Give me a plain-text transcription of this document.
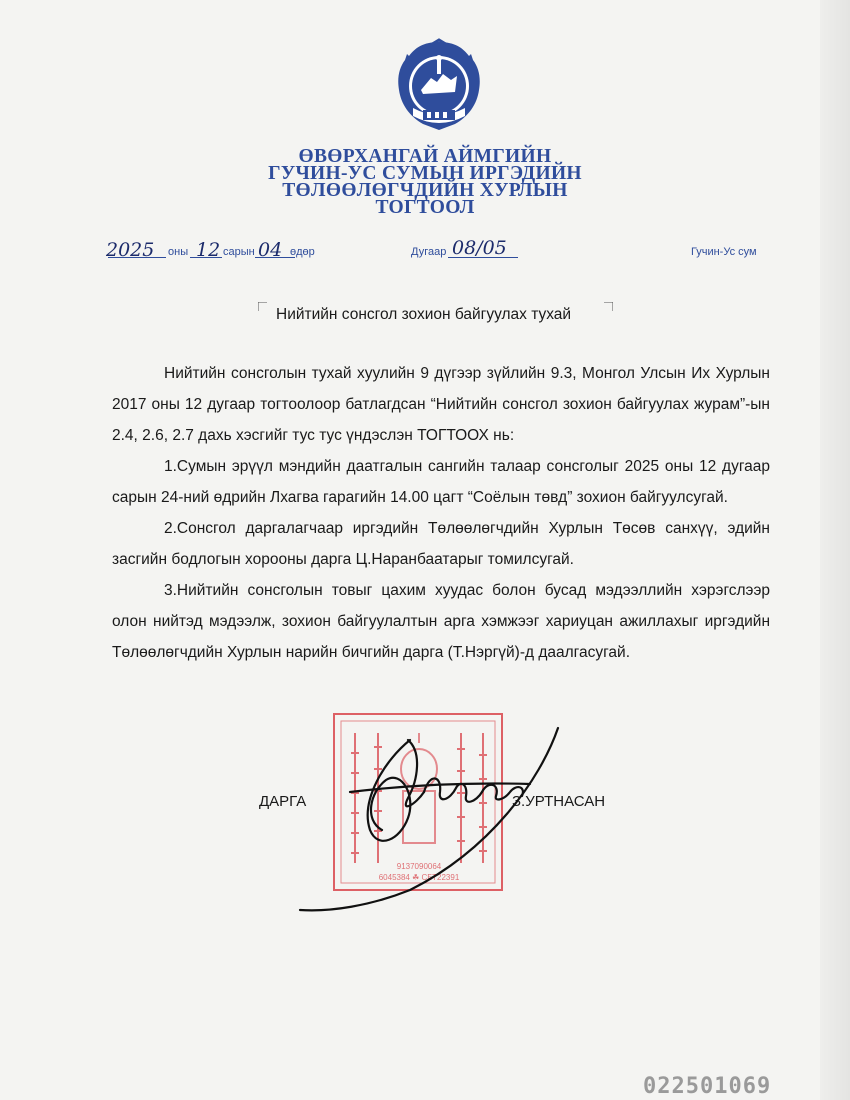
ӨВӨРХАНГАЙ АЙМГИЙН
ГУЧИН-УС СУМЫН ИРГЭДИЙН
ТӨЛӨӨЛӨГЧДИЙН ХУРЛЫН
ТОГТООЛ
2025 оны 12 сарын 04 өдөр	Дугаар 08/05	Гучин-Ус сум
Нийтийн сонсгол зохион байгуулах тухай

Нийтийн сонсголын тухай хуулийн 9 дүгээр зүйлийн 9.3, Монгол Улсын Их Хурлын 2017 оны 12 дугаар тогтоолоор батлагдсан “Нийтийн сонсгол зохион байгуулах журам”-ын 2.4, 2.6, 2.7 дахь хэсгийг тус тус үндэслэн ТОГТООХ нь:

1.Сумын эрүүл мэндийн даатгалын сангийн талаар сонсголыг 2025 оны 12 дугаар сарын 24-ний өдрийн Лхагва гарагийн 14.00 цагт “Соёлын төвд” зохион байгуулсугай.

2.Сонсгол даргалагчаар иргэдийн Төлөөлөгчдийн Хурлын Төсөв санхүү, эдийн засгийн бодлогын хорооны дарга Ц.Наранбаатарыг томилсугай.

3.Нийтийн сонсголын товыг цахим хуудас болон бусад мэдээллийн хэрэгслээр олон нийтэд мэдээлж, зохион байгуулалтын арга хэмжээг хариуцан ажиллахыг иргэдийн Төлөөлөгчдийн Хурлын нарийн бичгийн дарга (Т.Нэргүй)-д даалгасугай.

ДАРГА	З.УРТНАСАН
9137090064
6045384 ☘ СБТ22391
022501069
